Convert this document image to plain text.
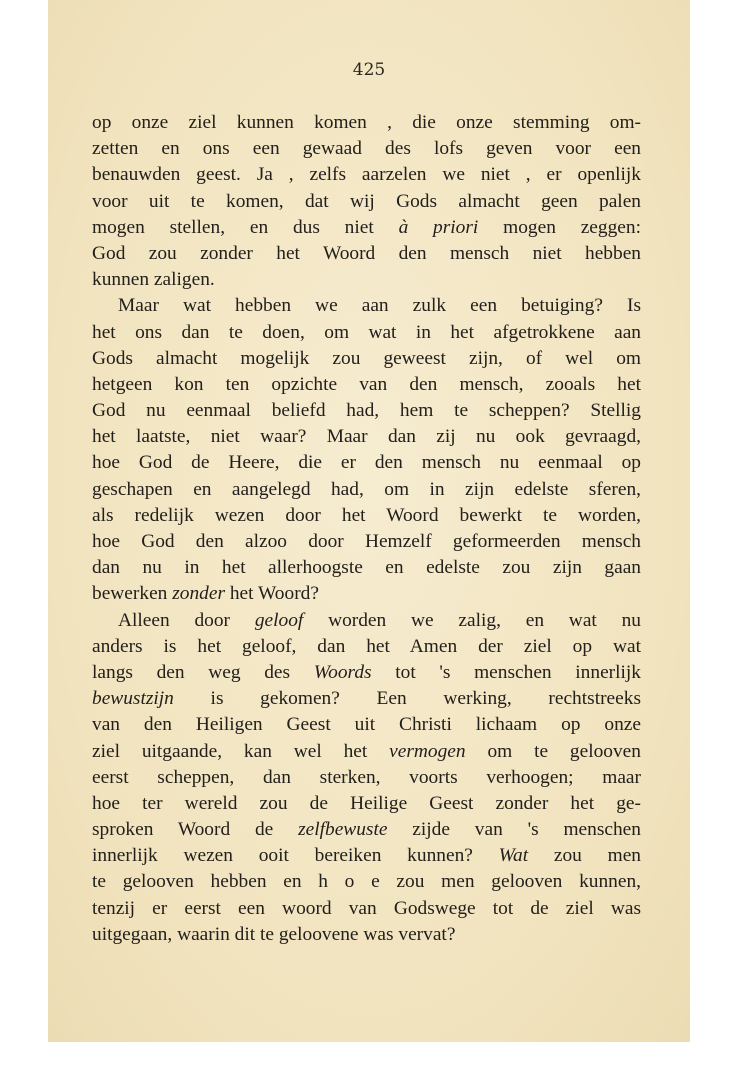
425
op onze ziel kunnen komen , die onze stemming om-
zetten en ons een gewaad des lofs geven voor een
benauwden geest. Ja , zelfs aarzelen we niet , er openlijk
voor uit te komen, dat wij Gods almacht geen palen
mogen stellen, en dus niet à priori mogen zeggen:
God zou zonder het Woord den mensch niet hebben
kunnen zaligen.
Maar wat hebben we aan zulk een betuiging? Is
het ons dan te doen, om wat in het afgetrokkene aan
Gods almacht mogelijk zou geweest zijn, of wel om
hetgeen kon ten opzichte van den mensch, zooals het
God nu eenmaal beliefd had, hem te scheppen? Stellig
het laatste, niet waar? Maar dan zij nu ook gevraagd,
hoe God de Heere, die er den mensch nu eenmaal op
geschapen en aangelegd had, om in zijn edelste sferen,
als redelijk wezen door het Woord bewerkt te worden,
hoe God den alzoo door Hemzelf geformeerden mensch
dan nu in het allerhoogste en edelste zou zijn gaan
bewerken zonder het Woord?
Alleen door geloof worden we zalig, en wat nu
anders is het geloof, dan het Amen der ziel op wat
langs den weg des Woords tot 's menschen innerlijk
bewustzijn is gekomen? Een werking, rechtstreeks
van den Heiligen Geest uit Christi lichaam op onze
ziel uitgaande, kan wel het vermogen om te gelooven
eerst scheppen, dan sterken, voorts verhoogen; maar
hoe ter wereld zou de Heilige Geest zonder het ge-
sproken Woord de zelfbewuste zijde van 's menschen
innerlijk wezen ooit bereiken kunnen? Wat zou men
te gelooven hebben en h o e zou men gelooven kunnen,
tenzij er eerst een woord van Godswege tot de ziel was
uitgegaan, waarin dit te geloovene was vervat?
